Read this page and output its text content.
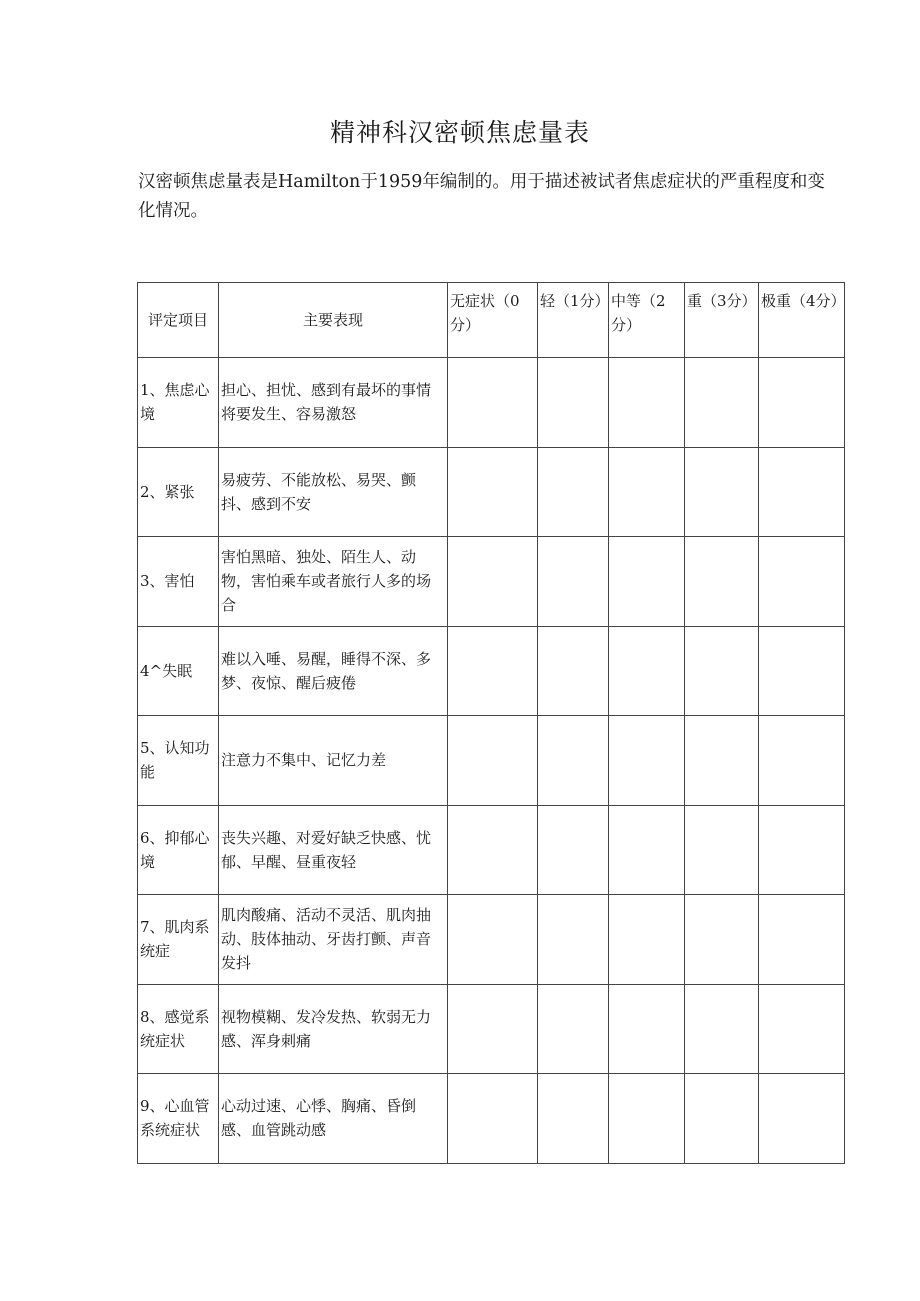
精神科汉密顿焦虑量表
汉密顿焦虑量表是Hamilton于1959年编制的。用于描述被试者焦虑症状的严重程度和变化情况。
评定项目	主要表现	无症状（0分）	轻（1分）	中等（2分）	重（3分）	极重（4分）
1、焦虑心境	担心、担忧、感到有最坏的事情将要发生、容易激怒					
2、紧张	易疲劳、不能放松、易哭、颤抖、感到不安					
3、害怕	害怕黑暗、独处、陌生人、动物，害怕乘车或者旅行人多的场合					
4^失眠	难以入唾、易醒，睡得不深、多梦、夜惊、醒后疲倦					
5、认知功能	注意力不集中、记忆力差					
6、抑郁心境	丧失兴趣、对爱好缺乏快感、忧郁、早醒、昼重夜轻					
7、肌肉系统症	肌肉酸痛、活动不灵活、肌肉抽动、肢体抽动、牙齿打颤、声音发抖					
8、感觉系统症状	视物模糊、发冷发热、软弱无力感、浑身刺痛					
9、心血管系统症状	心动过速、心悸、胸痛、昏倒感、血管跳动感					
